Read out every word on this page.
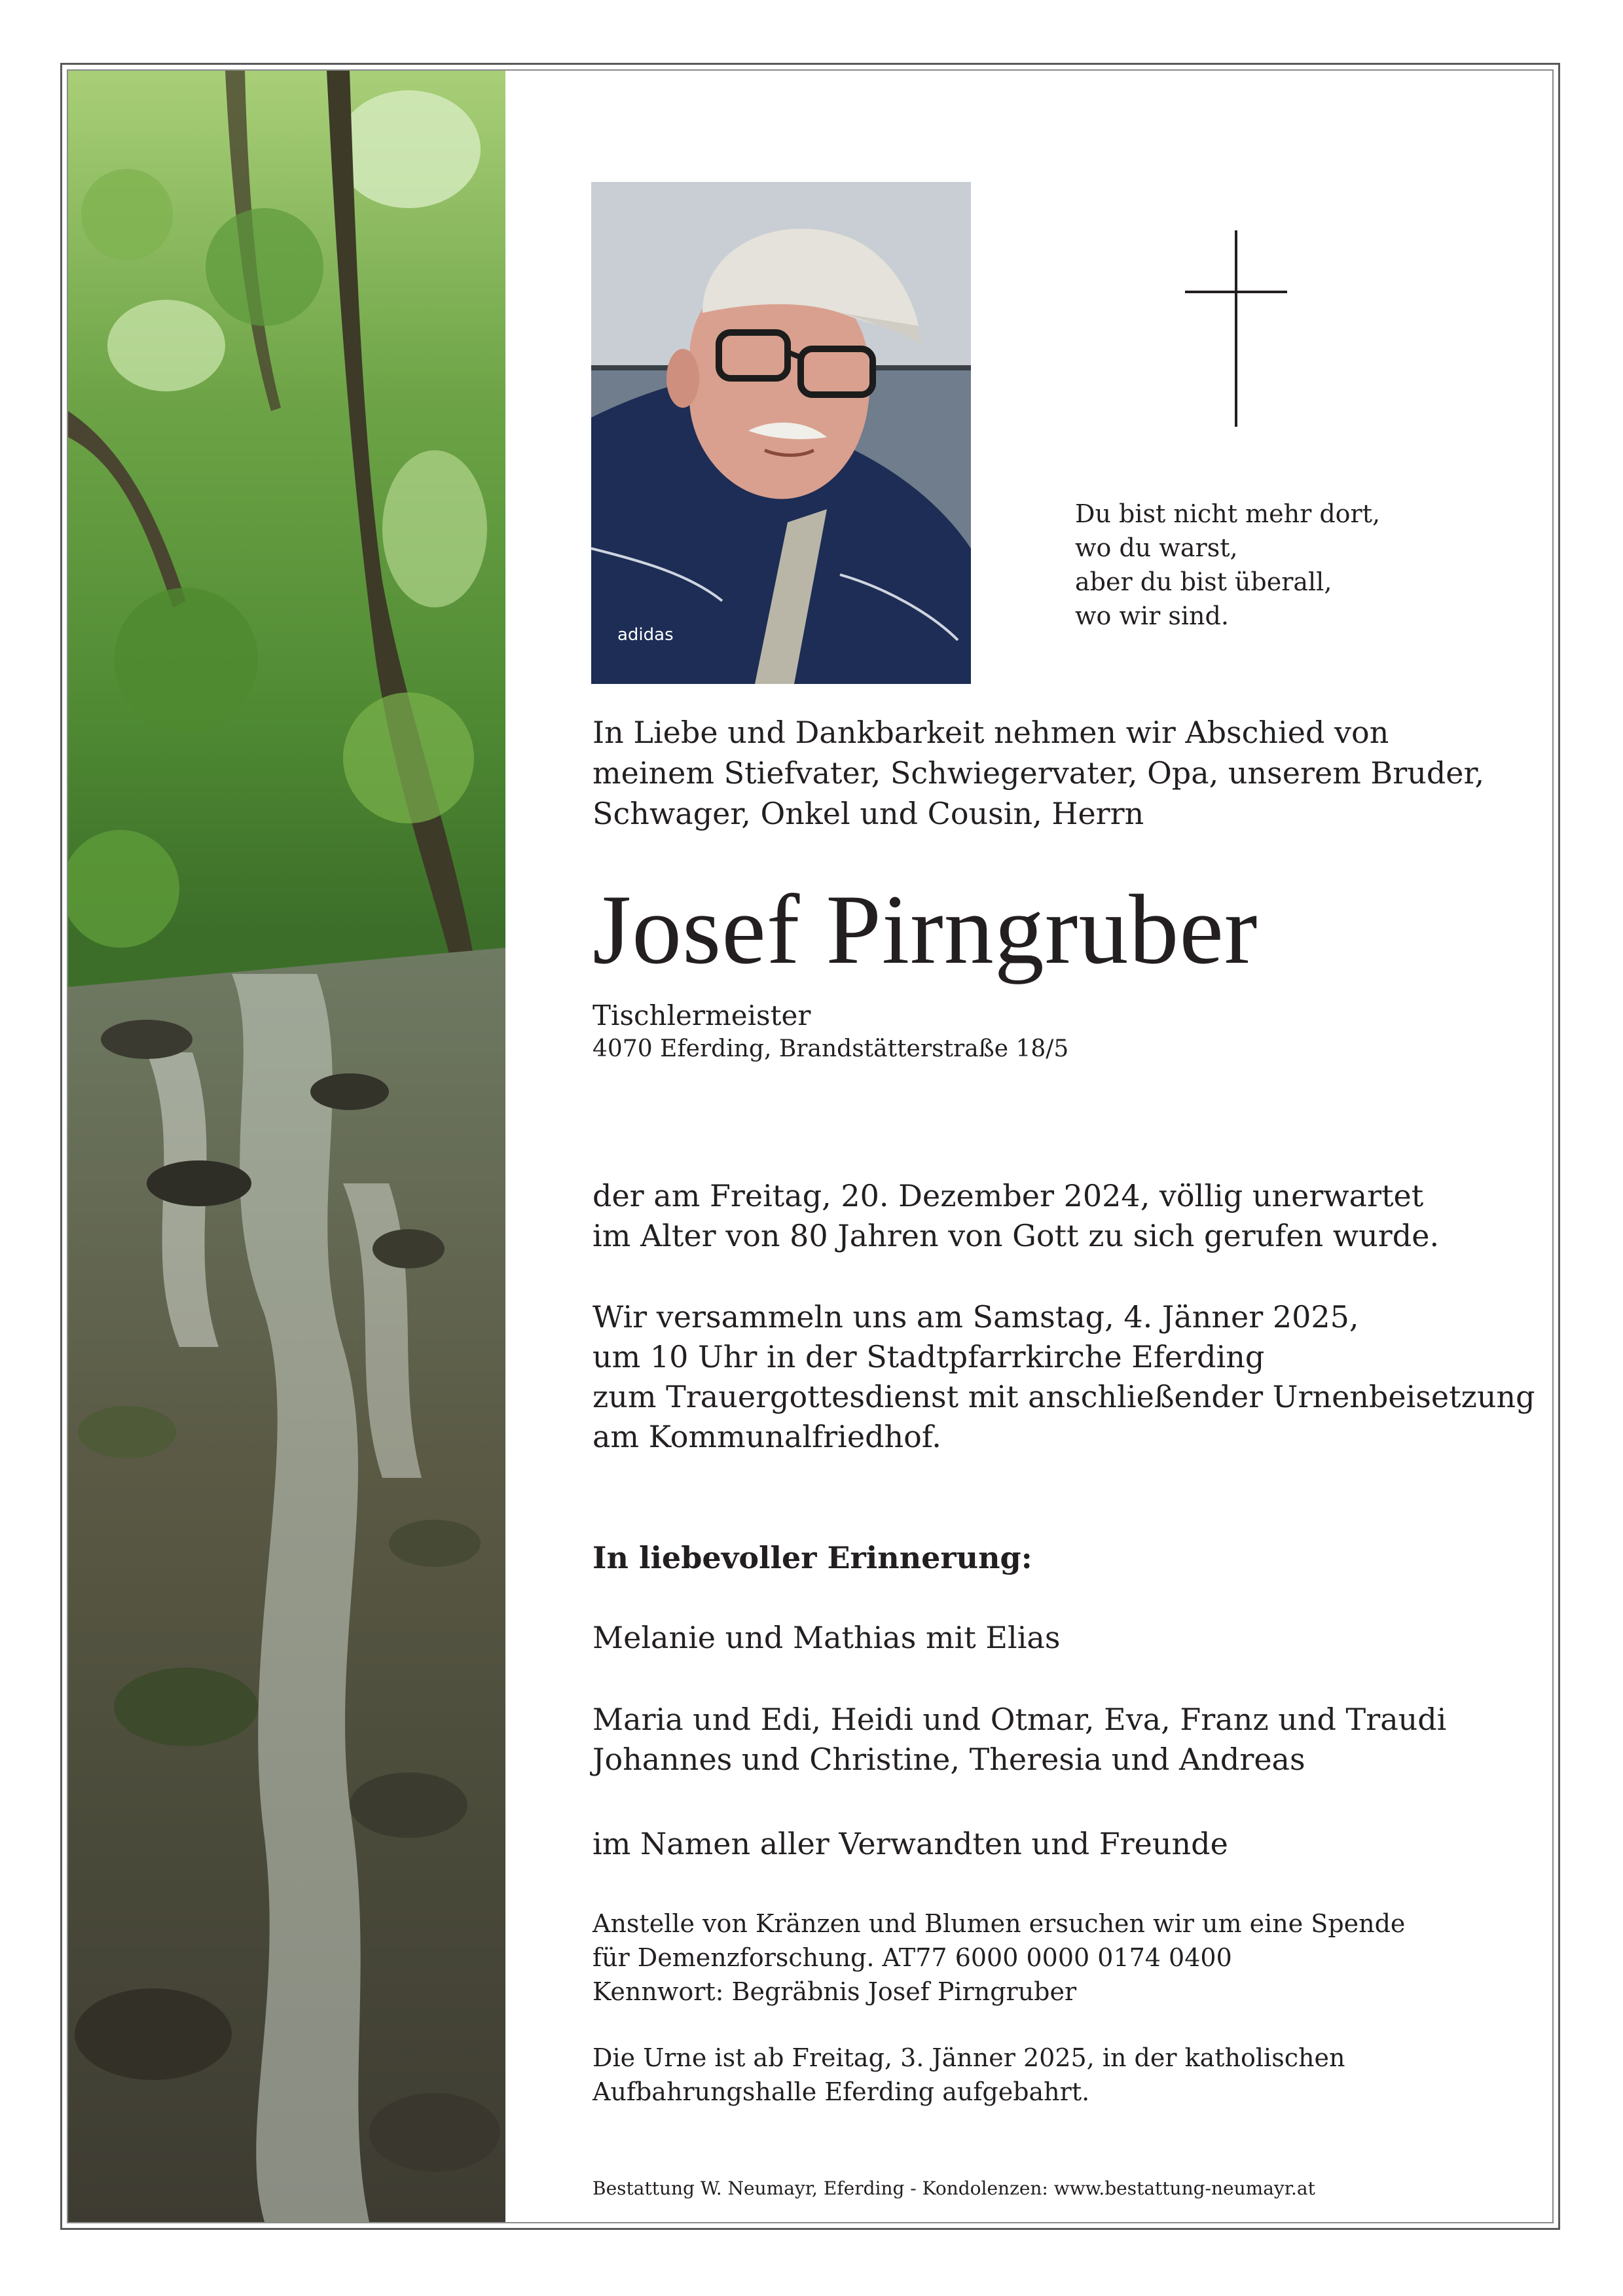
adidas
Du bist nicht mehr dort,
wo du warst,
aber du bist überall,
wo wir sind.
In Liebe und Dankbarkeit nehmen wir Abschied von
meinem Stiefvater, Schwiegervater, Opa, unserem Bruder,
Schwager, Onkel und Cousin, Herrn
Josef Pirngruber
Tischlermeister
4070 Eferding, Brandstätterstraße 18/5
der am Freitag, 20. Dezember 2024, völlig unerwartet
im Alter von 80 Jahren von Gott zu sich gerufen wurde.
Wir versammeln uns am Samstag, 4. Jänner 2025,
um 10 Uhr in der Stadtpfarrkirche Eferding
zum Trauergottesdienst mit anschließender Urnenbeisetzung
am Kommunalfriedhof.
In liebevoller Erinnerung:
Melanie und Mathias mit Elias
Maria und Edi, Heidi und Otmar, Eva, Franz und Traudi
Johannes und Christine, Theresia und Andreas
im Namen aller Verwandten und Freunde
Anstelle von Kränzen und Blumen ersuchen wir um eine Spende
für Demenzforschung. AT77 6000 0000 0174 0400
Kennwort: Begräbnis Josef Pirngruber
Die Urne ist ab Freitag, 3. Jänner 2025, in der katholischen
Aufbahrungshalle Eferding aufgebahrt.
Bestattung W. Neumayr, Eferding - Kondolenzen: www.bestattung-neumayr.at
